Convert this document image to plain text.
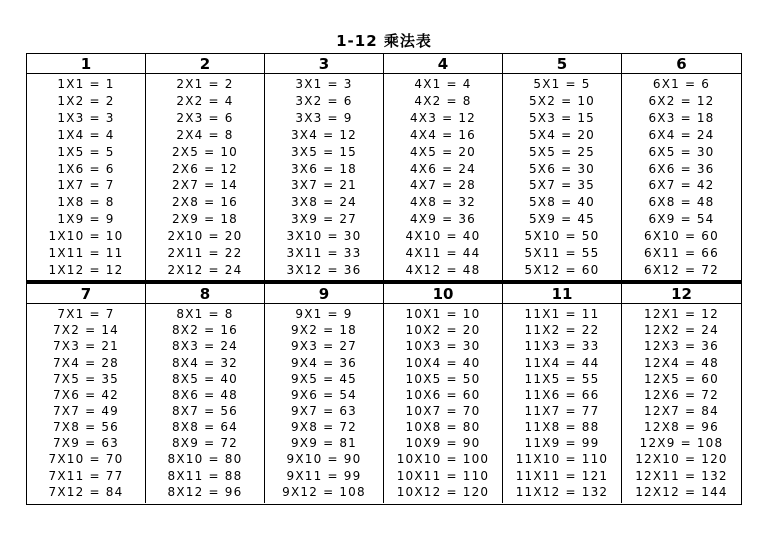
1-12 乘法表
1
1X1 = 1
1X2 = 2
1X3 = 3
1X4 = 4
1X5 = 5
1X6 = 6
1X7 = 7
1X8 = 8
1X9 = 9
1X10 = 10
1X11 = 11
1X12 = 12
2
2X1 = 2
2X2 = 4
2X3 = 6
2X4 = 8
2X5 = 10
2X6 = 12
2X7 = 14
2X8 = 16
2X9 = 18
2X10 = 20
2X11 = 22
2X12 = 24
3
3X1 = 3
3X2 = 6
3X3 = 9
3X4 = 12
3X5 = 15
3X6 = 18
3X7 = 21
3X8 = 24
3X9 = 27
3X10 = 30
3X11 = 33
3X12 = 36
4
4X1 = 4
4X2 = 8
4X3 = 12
4X4 = 16
4X5 = 20
4X6 = 24
4X7 = 28
4X8 = 32
4X9 = 36
4X10 = 40
4X11 = 44
4X12 = 48
5
5X1 = 5
5X2 = 10
5X3 = 15
5X4 = 20
5X5 = 25
5X6 = 30
5X7 = 35
5X8 = 40
5X9 = 45
5X10 = 50
5X11 = 55
5X12 = 60
6
6X1 = 6
6X2 = 12
6X3 = 18
6X4 = 24
6X5 = 30
6X6 = 36
6X7 = 42
6X8 = 48
6X9 = 54
6X10 = 60
6X11 = 66
6X12 = 72
7
7X1 = 7
7X2 = 14
7X3 = 21
7X4 = 28
7X5 = 35
7X6 = 42
7X7 = 49
7X8 = 56
7X9 = 63
7X10 = 70
7X11 = 77
7X12 = 84
8
8X1 = 8
8X2 = 16
8X3 = 24
8X4 = 32
8X5 = 40
8X6 = 48
8X7 = 56
8X8 = 64
8X9 = 72
8X10 = 80
8X11 = 88
8X12 = 96
9
9X1 = 9
9X2 = 18
9X3 = 27
9X4 = 36
9X5 = 45
9X6 = 54
9X7 = 63
9X8 = 72
9X9 = 81
9X10 = 90
9X11 = 99
9X12 = 108
10
10X1 = 10
10X2 = 20
10X3 = 30
10X4 = 40
10X5 = 50
10X6 = 60
10X7 = 70
10X8 = 80
10X9 = 90
10X10 = 100
10X11 = 110
10X12 = 120
11
11X1 = 11
11X2 = 22
11X3 = 33
11X4 = 44
11X5 = 55
11X6 = 66
11X7 = 77
11X8 = 88
11X9 = 99
11X10 = 110
11X11 = 121
11X12 = 132
12
12X1 = 12
12X2 = 24
12X3 = 36
12X4 = 48
12X5 = 60
12X6 = 72
12X7 = 84
12X8 = 96
12X9 = 108
12X10 = 120
12X11 = 132
12X12 = 144
